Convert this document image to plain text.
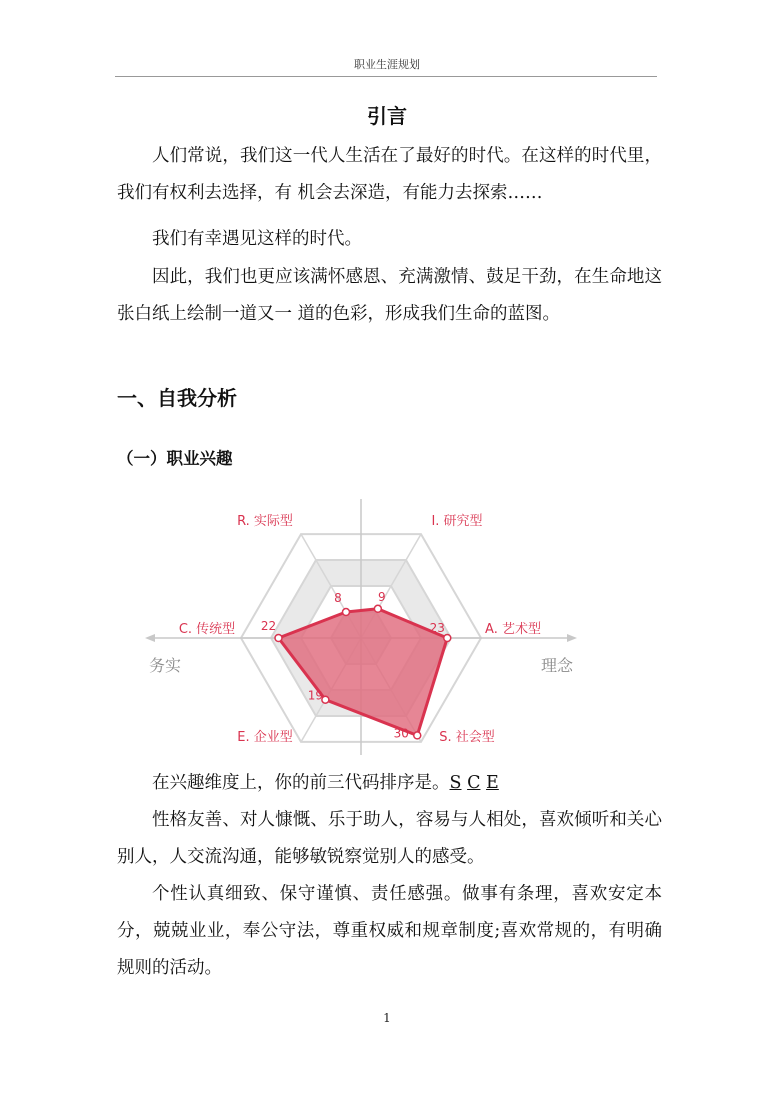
职业生涯规划
引言

人们常说，我们这一代人生活在了最好的时代。在这样的时代里，我们有权利去选择，有 机会去深造，有能力去探索……

我们有幸遇见这样的时代。

因此，我们也更应该满怀感恩、充满激情、鼓足干劲，在生命地这张白纸上绘制一道又一 道的色彩，形成我们生命的蓝图。

一、自我分析
（一）职业兴趣
8	9
23
30
19
22
R. 实际型	I. 研究型
A. 艺术型
S. 社会型
E. 企业型
C. 传统型
务实	理念

在兴趣维度上，你的前三代码排序是。S C E

性格友善、对人慷慨、乐于助人，容易与人相处，喜欢倾听和关心别人，人交流沟通，能够敏锐察觉别人的感受。

个性认真细致、保守谨慎、责任感强。做事有条理，喜欢安定本分，兢兢业业，奉公守法，尊重权威和规章制度;喜欢常规的，有明确规则的活动。

1
